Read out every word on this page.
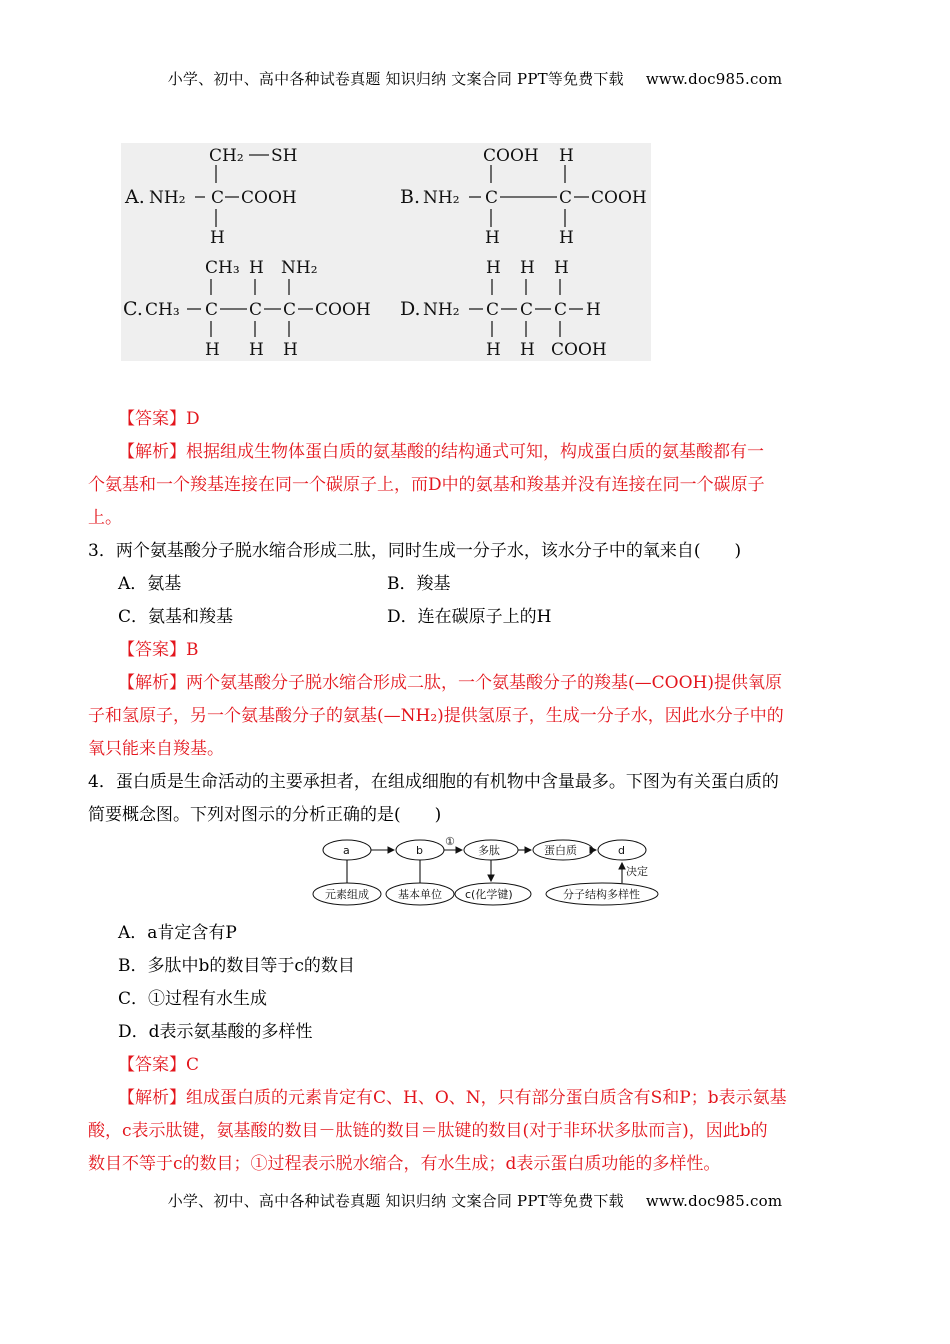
小学、初中、高中各种试卷真题 知识归纳 文案合同 PPT等免费下载 www.doc985.com
A. NH₂ C COOH
CH₂ SH
H
B. NH₂ C	C COOH
COOH H
H	H
C. CH₃ C C C COOH
CH₃ H NH₂
H H H
D. NH₂ C C C H
H H H
H H COOH
【答案】D
【解析】根据组成生物体蛋白质的氨基酸的结构通式可知，构成蛋白质的氨基酸都有一
个氨基和一个羧基连接在同一个碳原子上，而D中的氨基和羧基并没有连接在同一个碳原子
上。
3．两个氨基酸分子脱水缩合形成二肽，同时生成一分子水，该水分子中的氧来自(　　)
A．氨基	B．羧基
C．氨基和羧基	D．连在碳原子上的H
【答案】B
【解析】两个氨基酸分子脱水缩合形成二肽，一个氨基酸分子的羧基(—COOH)提供氧原
子和氢原子，另一个氨基酸分子的氨基(—NH₂)提供氢原子，生成一分子水，因此水分子中的
氧只能来自羧基。
4．蛋白质是生命活动的主要承担者，在组成细胞的有机物中含量最多。下图为有关蛋白质的
简要概念图。下列对图示的分析正确的是(　　)
a	b	多肽	蛋白质	d
①
元素组成	基本单位 c(化学键)	分子结构多样性
决定
A．a肯定含有P
B．多肽中b的数目等于c的数目
C．①过程有水生成
D．d表示氨基酸的多样性
【答案】C
【解析】组成蛋白质的元素肯定有C、H、O、N，只有部分蛋白质含有S和P；b表示氨基
酸，c表示肽键，氨基酸的数目－肽链的数目＝肽键的数目(对于非环状多肽而言)，因此b的
数目不等于c的数目；①过程表示脱水缩合，有水生成；d表示蛋白质功能的多样性。
小学、初中、高中各种试卷真题 知识归纳 文案合同 PPT等免费下载 www.doc985.com
